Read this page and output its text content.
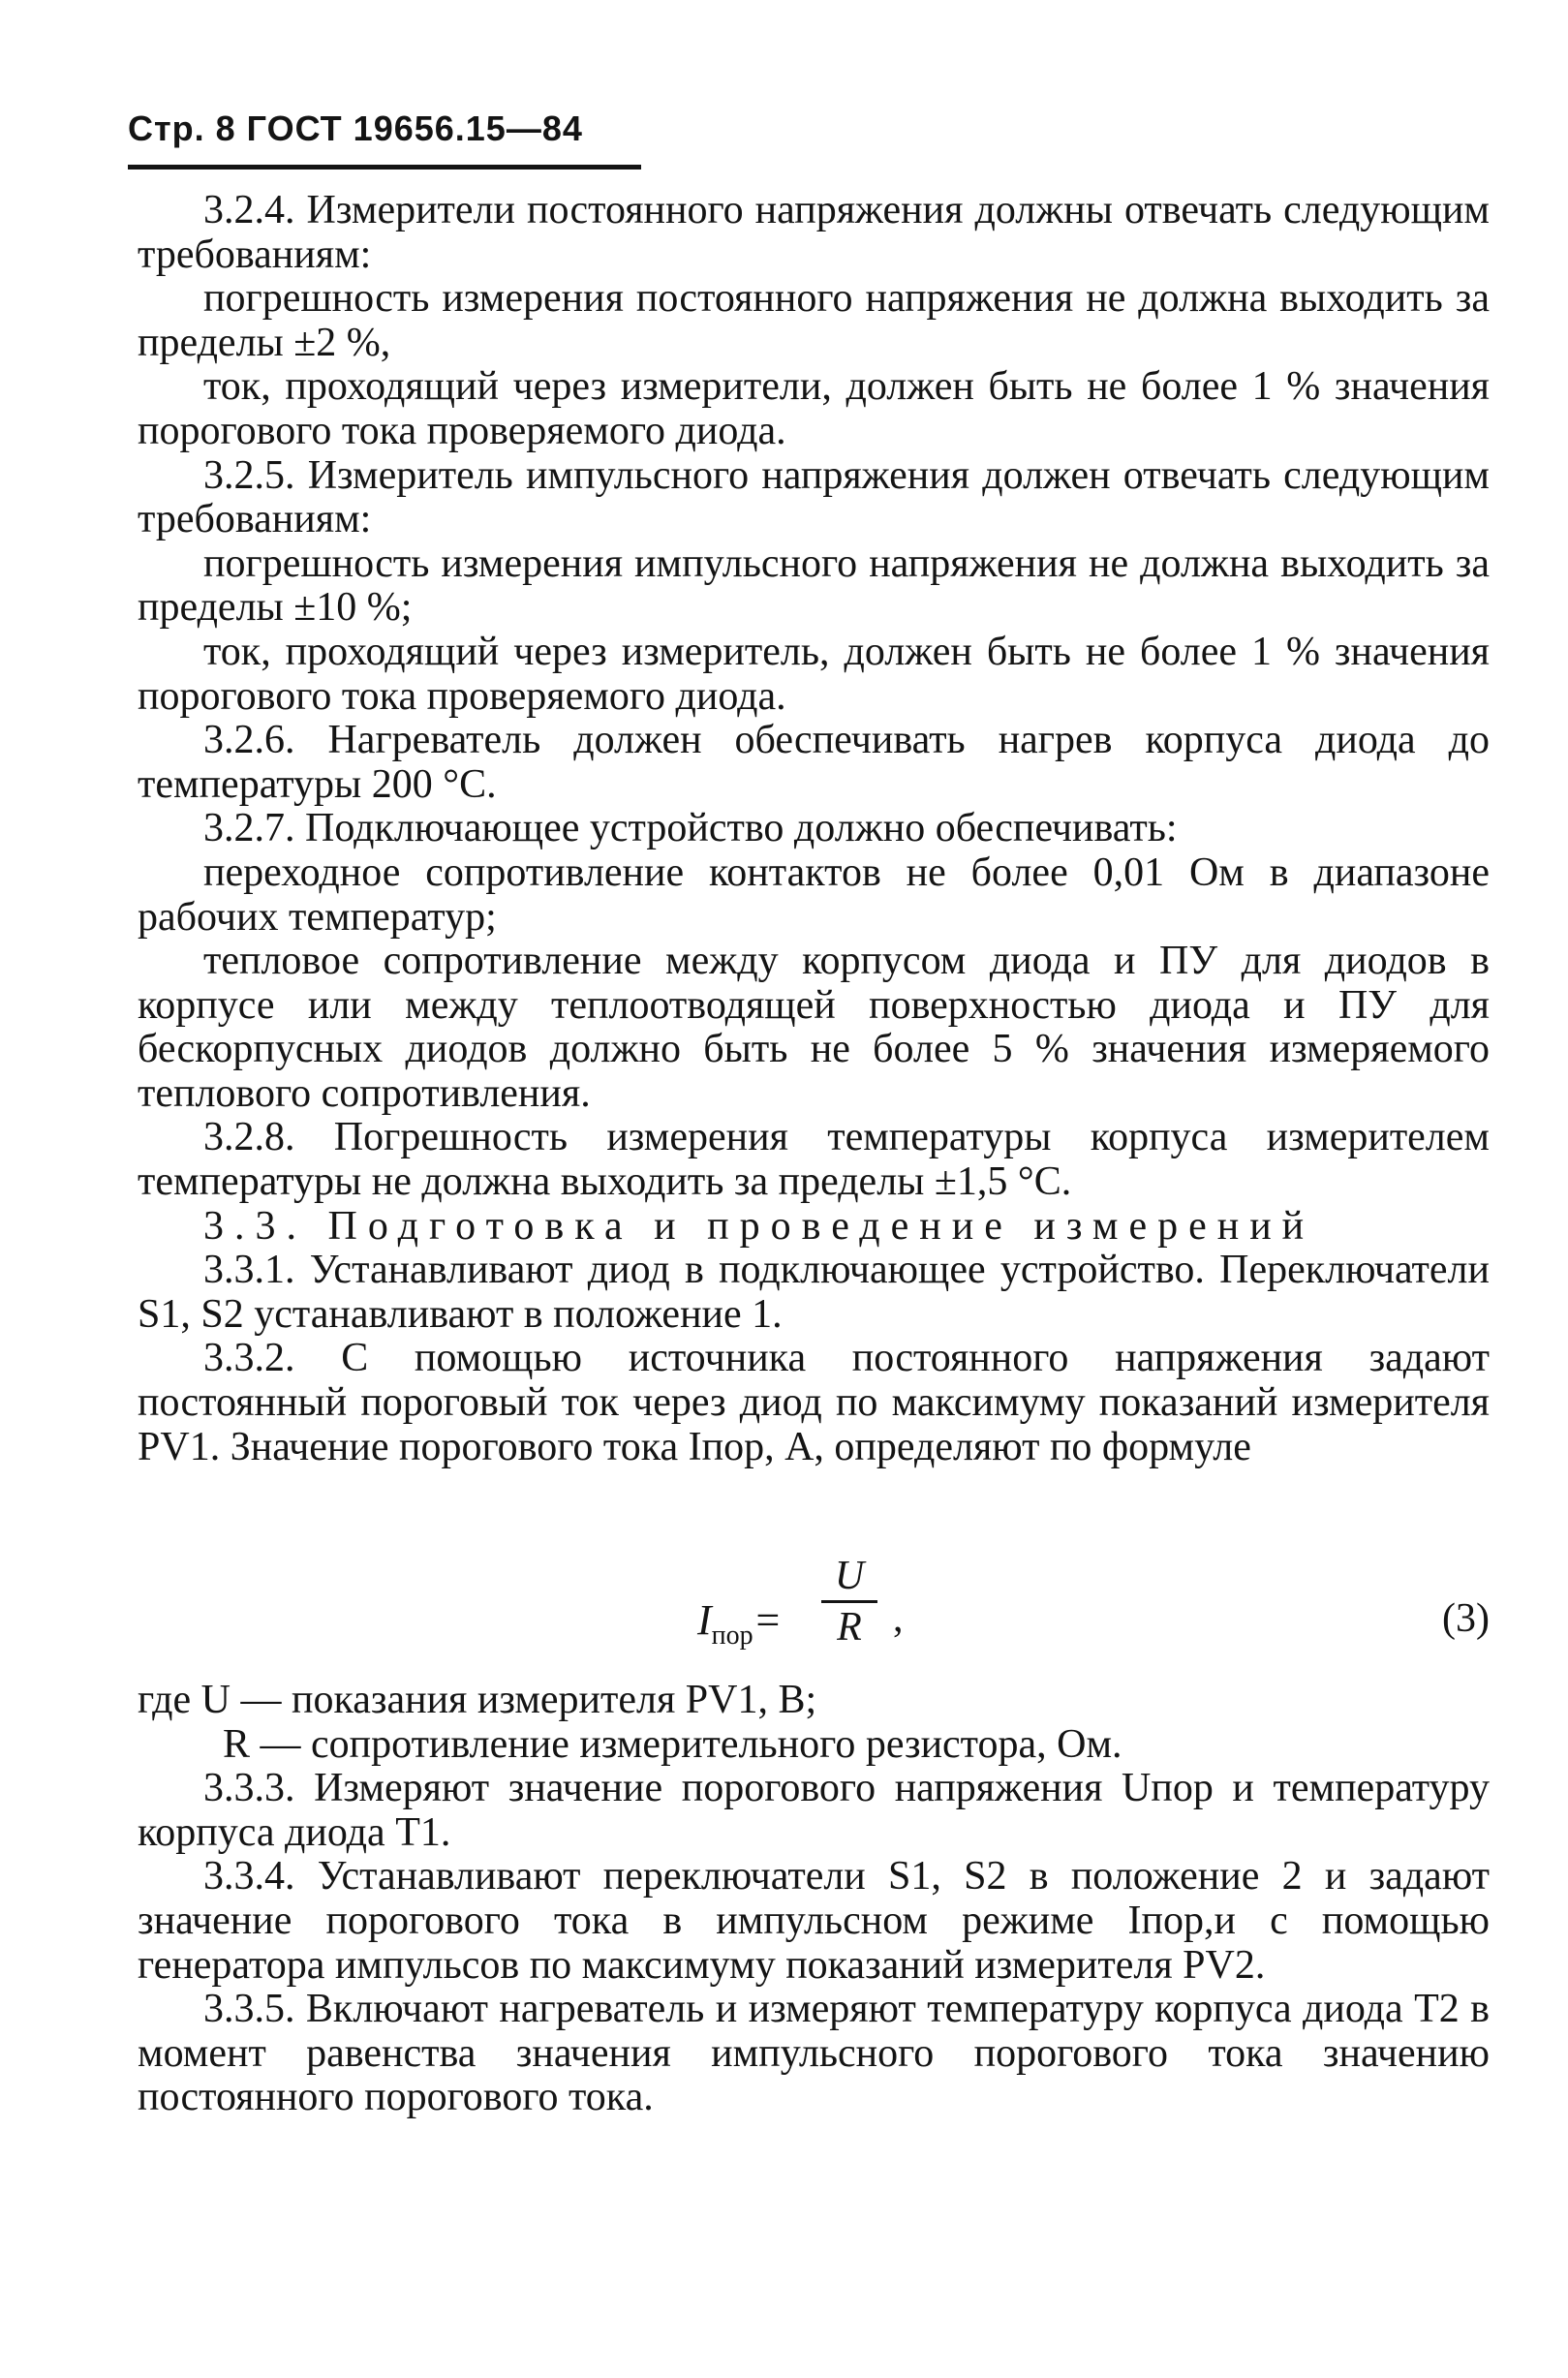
Стр. 8 ГОСТ 19656.15—84

3.2.4. Измерители постоянного напряжения должны отвечать следующим требованиям:

погрешность измерения постоянного напряжения не должна выходить за пределы ±2 %,

ток, проходящий через измерители, должен быть не более 1 % значения порогового тока проверяемого диода.

3.2.5. Измеритель импульсного напряжения должен отвечать следующим требованиям:

погрешность измерения импульсного напряжения не должна выходить за пределы ±10 %;

ток, проходящий через измеритель, должен быть не более 1 % значения порогового тока проверяемого диода.

3.2.6. Нагреватель должен обеспечивать нагрев корпуса диода до температуры 200 °С.

3.2.7. Подключающее устройство должно обеспечивать:

переходное сопротивление контактов не более 0,01 Ом в диапазоне рабочих температур;

тепловое сопротивление между корпусом диода и ПУ для диодов в корпусе или между теплоотводящей поверхностью диода и ПУ для бескорпусных диодов должно быть не более 5 % значения измеряемого теплового сопротивления.

3.2.8. Погрешность измерения температуры корпуса измерителем температуры не должна выходить за пределы ±1,5 °С.

3.3. Подготовка и проведение измерений

3.3.1. Устанавливают диод в подключающее устройство. Переключатели S1, S2 устанавливают в положение 1.

3.3.2. С помощью источника постоянного напряжения задают постоянный пороговый ток через диод по максимуму показаний измерителя PV1. Значение порогового тока Iпор, А, определяют по формуле

$I_{пор}=$
U
R ,	(3)

где U — показания измерителя PV1, В;

R — сопротивление измерительного резистора, Ом.

3.3.3. Измеряют значение порогового напряжения Uпор и температуру корпуса диода T1.

3.3.4. Устанавливают переключатели S1, S2 в положение 2 и задают значение порогового тока в импульсном режиме Iпор,и с помощью генератора импульсов по максимуму показаний измерителя PV2.

3.3.5. Включают нагреватель и измеряют температуру корпуса диода T2 в момент равенства значения импульсного порогового тока значению постоянного порогового тока.
